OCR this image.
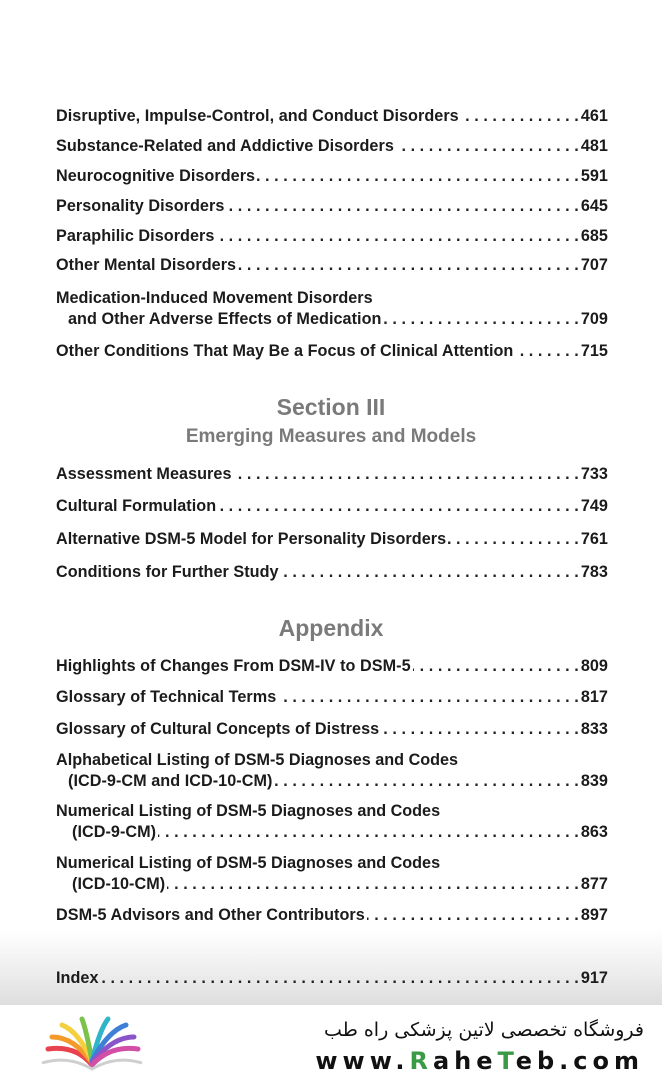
Disruptive, Impulse-Control, and Conduct Disorders . . .	461
Substance-Related and Addictive Disorders . . .	481
Neurocognitive Disorders . . .	591
Personality Disorders . . .	645
Paraphilic Disorders . . .	685
Other Mental Disorders . . .	707
Medication-Induced Movement Disorders
and Other Adverse Effects of Medication . . .	709
Other Conditions That May Be a Focus of Clinical Attention . . .	715
Section III
Emerging Measures and Models
Assessment Measures . . .	733
Cultural Formulation . . .	749
Alternative DSM-5 Model for Personality Disorders . . .	761
Conditions for Further Study . . .	783
Appendix
Highlights of Changes From DSM-IV to DSM-5 . . .	809
Glossary of Technical Terms . . .	817
Glossary of Cultural Concepts of Distress . . .	833
Alphabetical Listing of DSM-5 Diagnoses and Codes
(ICD-9-CM and ICD-10-CM) . . .	839
Numerical Listing of DSM-5 Diagnoses and Codes
(ICD-9-CM) . . .	863
Numerical Listing of DSM-5 Diagnoses and Codes
(ICD-10-CM) . . .	877
DSM-5 Advisors and Other Contributors . . .	897
Index . . .	917
فروشگاه تخصصی لاتین پزشکی راه طب
www.RaheTeb.com
